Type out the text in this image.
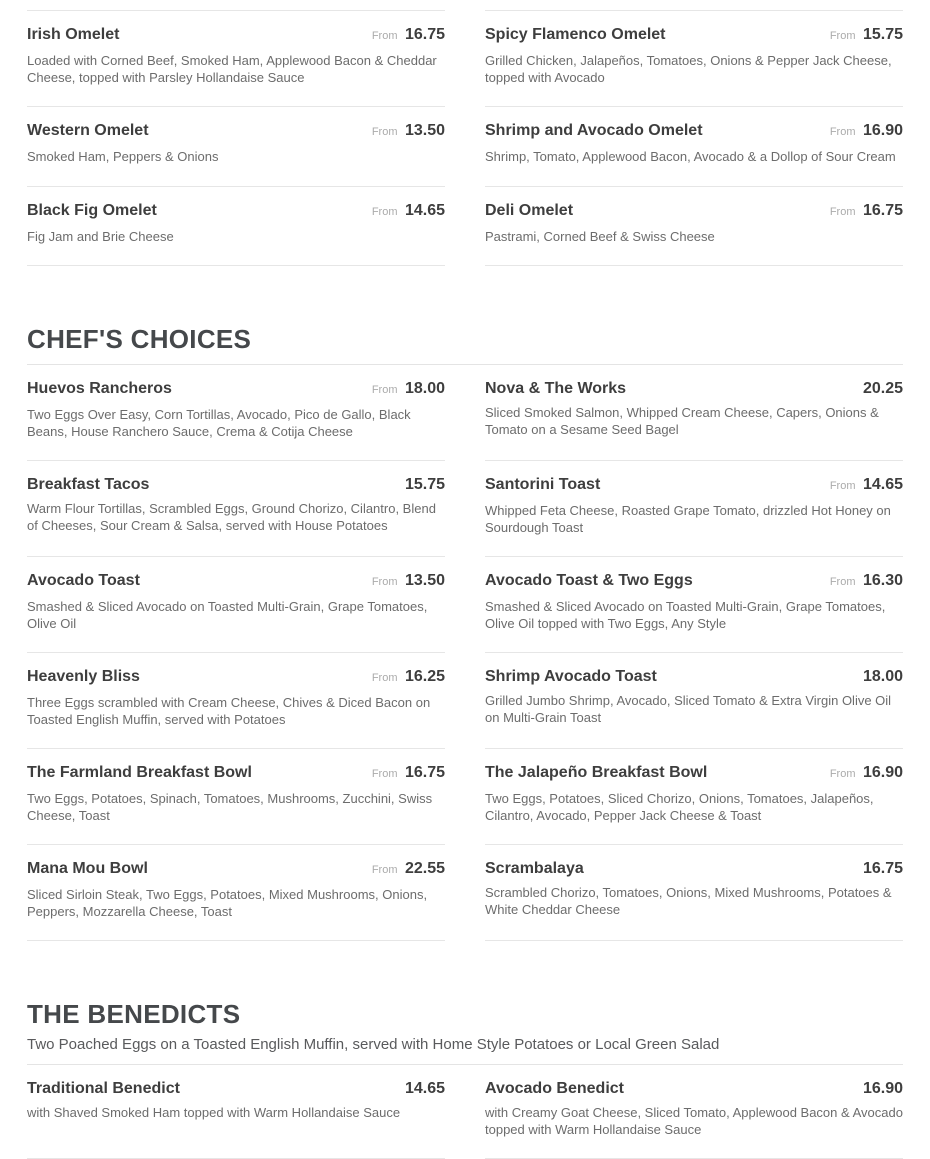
Irish Omelet	From 16.75

Loaded with Corned Beef, Smoked Ham, Applewood Bacon & Cheddar Cheese, topped with Parsley Hollandaise Sauce

Spicy Flamenco Omelet	From 15.75

Grilled Chicken, Jalapeños, Tomatoes, Onions & Pepper Jack Cheese, topped with Avocado

Western Omelet	From 13.50

Smoked Ham, Peppers & Onions

Shrimp and Avocado Omelet	From 16.90

Shrimp, Tomato, Applewood Bacon, Avocado & a Dollop of Sour Cream

Black Fig Omelet	From 14.65

Fig Jam and Brie Cheese

Deli Omelet	From 16.75

Pastrami, Corned Beef & Swiss Cheese

CHEF'S CHOICES
Huevos Rancheros	From 18.00

Two Eggs Over Easy, Corn Tortillas, Avocado, Pico de Gallo, Black Beans, House Ranchero Sauce, Crema & Cotija Cheese

Nova & The Works	20.25

Sliced Smoked Salmon, Whipped Cream Cheese, Capers, Onions & Tomato on a Sesame Seed Bagel

Breakfast Tacos	15.75

Warm Flour Tortillas, Scrambled Eggs, Ground Chorizo, Cilantro, Blend of Cheeses, Sour Cream & Salsa, served with House Potatoes

Santorini Toast	From 14.65

Whipped Feta Cheese, Roasted Grape Tomato, drizzled Hot Honey on Sourdough Toast

Avocado Toast	From 13.50

Smashed & Sliced Avocado on Toasted Multi-Grain, Grape Tomatoes, Olive Oil

Avocado Toast & Two Eggs	From 16.30

Smashed & Sliced Avocado on Toasted Multi-Grain, Grape Tomatoes, Olive Oil topped with Two Eggs, Any Style

Heavenly Bliss	From 16.25

Three Eggs scrambled with Cream Cheese, Chives & Diced Bacon on Toasted English Muffin, served with Potatoes

Shrimp Avocado Toast	18.00

Grilled Jumbo Shrimp, Avocado, Sliced Tomato & Extra Virgin Olive Oil on Multi-Grain Toast

The Farmland Breakfast Bowl	From 16.75

Two Eggs, Potatoes, Spinach, Tomatoes, Mushrooms, Zucchini, Swiss Cheese, Toast

The Jalapeño Breakfast Bowl	From 16.90

Two Eggs, Potatoes, Sliced Chorizo, Onions, Tomatoes, Jalapeños, Cilantro, Avocado, Pepper Jack Cheese & Toast

Mana Mou Bowl	From 22.55

Sliced Sirloin Steak, Two Eggs, Potatoes, Mixed Mushrooms, Onions, Peppers, Mozzarella Cheese, Toast

Scrambalaya	16.75

Scrambled Chorizo, Tomatoes, Onions, Mixed Mushrooms, Potatoes & White Cheddar Cheese

THE BENEDICTS

Two Poached Eggs on a Toasted English Muffin, served with Home Style Potatoes or Local Green Salad

Traditional Benedict	14.65

with Shaved Smoked Ham topped with Warm Hollandaise Sauce

Avocado Benedict	16.90

with Creamy Goat Cheese, Sliced Tomato, Applewood Bacon & Avocado topped with Warm Hollandaise Sauce
